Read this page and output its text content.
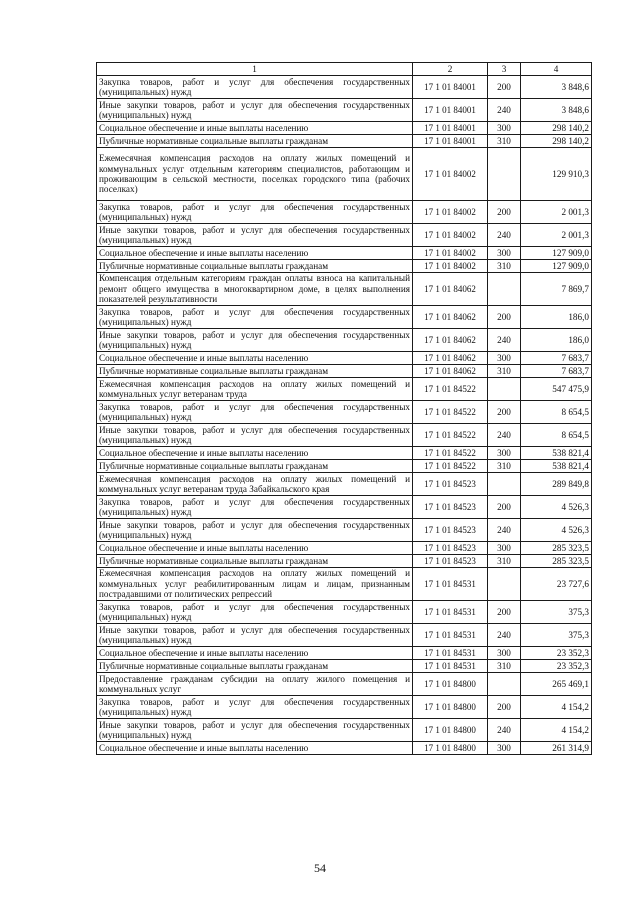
1	2	3	4
Закупка товаров, работ и услуг для обеспечения государственных (муниципальных) нужд	17 1 01 84001	200	3 848,6
Иные закупки товаров, работ и услуг для обеспечения государственных (муниципальных) нужд	17 1 01 84001	240	3 848,6
Социальное обеспечение и иные выплаты населению	17 1 01 84001	300	298 140,2
Публичные нормативные социальные выплаты гражданам	17 1 01 84001	310	298 140,2
Ежемесячная компенсация расходов на оплату жилых помещений и коммунальных услуг отдельным категориям специалистов, работающим и проживающим в сельской местности, поселках городского типа (рабочих поселках)	17 1 01 84002		129 910,3
Закупка товаров, работ и услуг для обеспечения государственных (муниципальных) нужд	17 1 01 84002	200	2 001,3
Иные закупки товаров, работ и услуг для обеспечения государственных (муниципальных) нужд	17 1 01 84002	240	2 001,3
Социальное обеспечение и иные выплаты населению	17 1 01 84002	300	127 909,0
Публичные нормативные социальные выплаты гражданам	17 1 01 84002	310	127 909,0
Компенсация отдельным категориям граждан оплаты взноса на капитальный ремонт общего имущества в многоквартирном доме, в целях выполнения показателей результативности	17 1 01 84062		7 869,7
Закупка товаров, работ и услуг для обеспечения государственных (муниципальных) нужд	17 1 01 84062	200	186,0
Иные закупки товаров, работ и услуг для обеспечения государственных (муниципальных) нужд	17 1 01 84062	240	186,0
Социальное обеспечение и иные выплаты населению	17 1 01 84062	300	7 683,7
Публичные нормативные социальные выплаты гражданам	17 1 01 84062	310	7 683,7
Ежемесячная компенсация расходов на оплату жилых помещений и коммунальных услуг ветеранам труда	17 1 01 84522		547 475,9
Закупка товаров, работ и услуг для обеспечения государственных (муниципальных) нужд	17 1 01 84522	200	8 654,5
Иные закупки товаров, работ и услуг для обеспечения государственных (муниципальных) нужд	17 1 01 84522	240	8 654,5
Социальное обеспечение и иные выплаты населению	17 1 01 84522	300	538 821,4
Публичные нормативные социальные выплаты гражданам	17 1 01 84522	310	538 821,4
Ежемесячная компенсация расходов на оплату жилых помещений и коммунальных услуг ветеранам труда Забайкальского края	17 1 01 84523		289 849,8
Закупка товаров, работ и услуг для обеспечения государственных (муниципальных) нужд	17 1 01 84523	200	4 526,3
Иные закупки товаров, работ и услуг для обеспечения государственных (муниципальных) нужд	17 1 01 84523	240	4 526,3
Социальное обеспечение и иные выплаты населению	17 1 01 84523	300	285 323,5
Публичные нормативные социальные выплаты гражданам	17 1 01 84523	310	285 323,5
Ежемесячная компенсация расходов на оплату жилых помещений и коммунальных услуг реабилитированным лицам и лицам, признанным пострадавшими от политических репрессий	17 1 01 84531		23 727,6
Закупка товаров, работ и услуг для обеспечения государственных (муниципальных) нужд	17 1 01 84531	200	375,3
Иные закупки товаров, работ и услуг для обеспечения государственных (муниципальных) нужд	17 1 01 84531	240	375,3
Социальное обеспечение и иные выплаты населению	17 1 01 84531	300	23 352,3
Публичные нормативные социальные выплаты гражданам	17 1 01 84531	310	23 352,3
Предоставление гражданам субсидии на оплату жилого помещения и коммунальных услуг	17 1 01 84800		265 469,1
Закупка товаров, работ и услуг для обеспечения государственных (муниципальных) нужд	17 1 01 84800	200	4 154,2
Иные закупки товаров, работ и услуг для обеспечения государственных (муниципальных) нужд	17 1 01 84800	240	4 154,2
Социальное обеспечение и иные выплаты населению	17 1 01 84800	300	261 314,9
54
